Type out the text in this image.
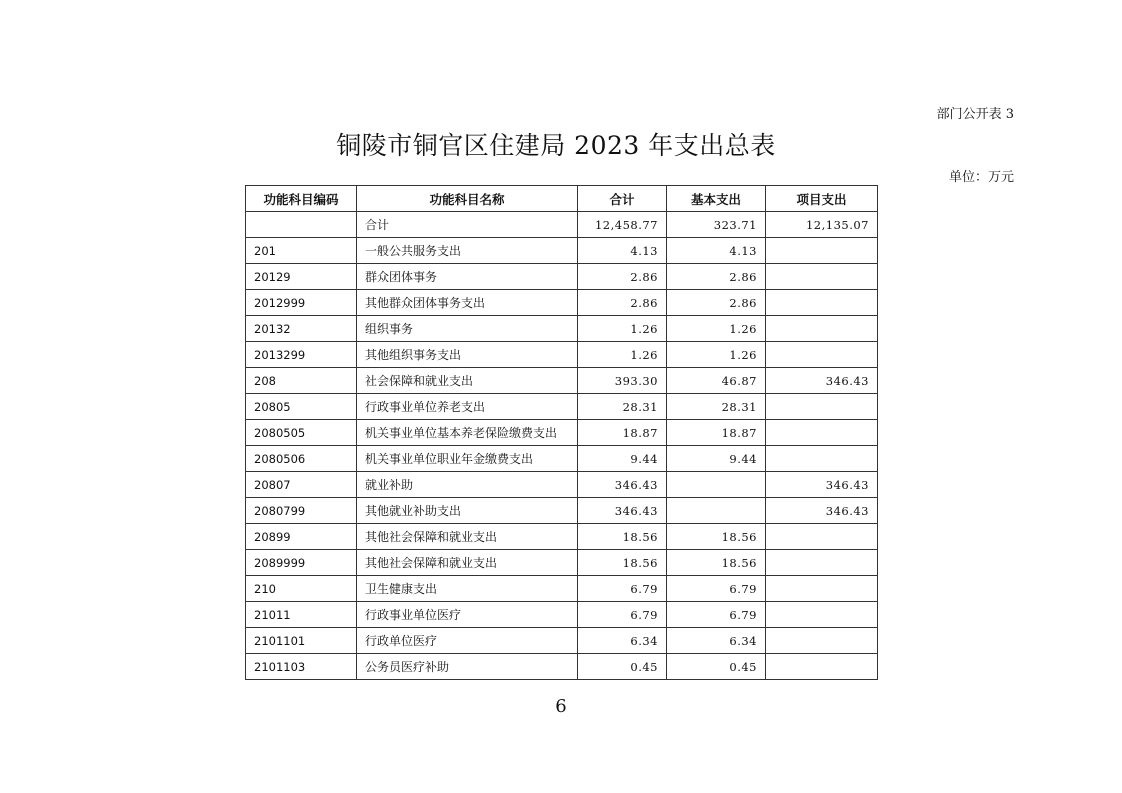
部门公开表 3
铜陵市铜官区住建局 2023 年支出总表
单位：万元
功能科目编码	功能科目名称	合计	基本支出	项目支出
	合计	12,458.77	323.71	12,135.07
201	一般公共服务支出	4.13	4.13	
20129	群众团体事务	2.86	2.86	
2012999	其他群众团体事务支出	2.86	2.86	
20132	组织事务	1.26	1.26	
2013299	其他组织事务支出	1.26	1.26	
208	社会保障和就业支出	393.30	46.87	346.43
20805	行政事业单位养老支出	28.31	28.31	
2080505	机关事业单位基本养老保险缴费支出	18.87	18.87	
2080506	机关事业单位职业年金缴费支出	9.44	9.44	
20807	就业补助	346.43		346.43
2080799	其他就业补助支出	346.43		346.43
20899	其他社会保障和就业支出	18.56	18.56	
2089999	其他社会保障和就业支出	18.56	18.56	
210	卫生健康支出	6.79	6.79	
21011	行政事业单位医疗	6.79	6.79	
2101101	行政单位医疗	6.34	6.34	
2101103	公务员医疗补助	0.45	0.45	
6
